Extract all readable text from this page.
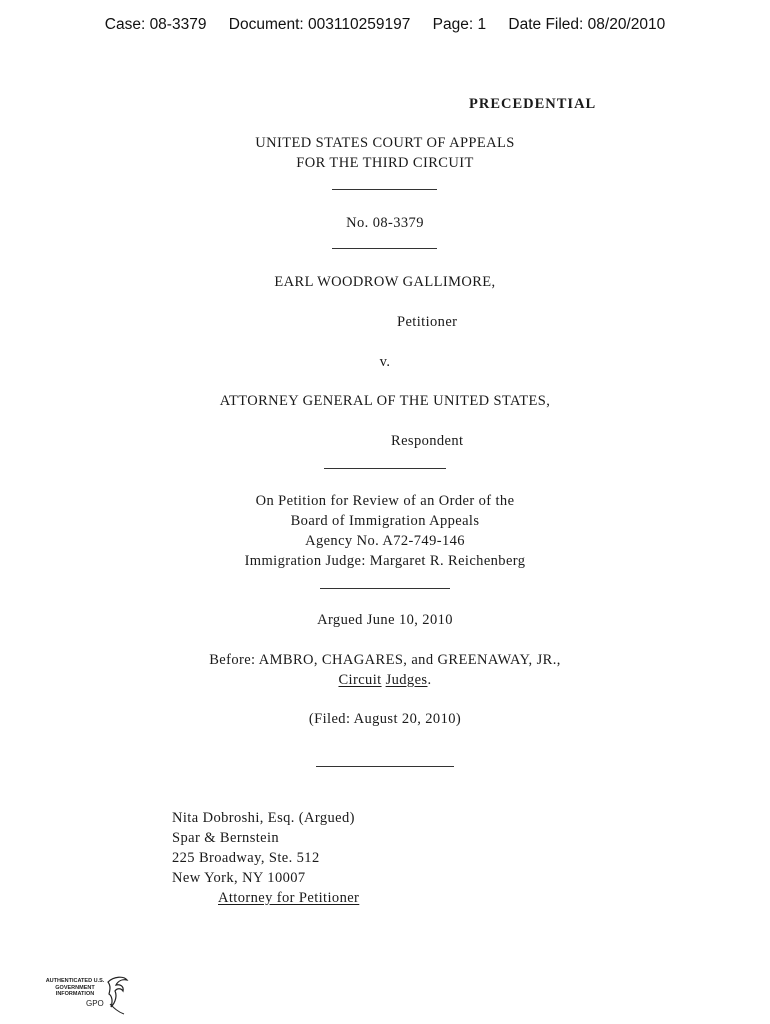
Case: 08-3379 Document: 003110259197 Page: 1 Date Filed: 08/20/2010
PRECEDENTIAL
UNITED STATES COURT OF APPEALS
FOR THE THIRD CIRCUIT
No. 08-3379
EARL WOODROW GALLIMORE,
Petitioner
v.
ATTORNEY GENERAL OF THE UNITED STATES,
Respondent
On Petition for Review of an Order of the
Board of Immigration Appeals
Agency No. A72-749-146
Immigration Judge: Margaret R. Reichenberg
Argued June 10, 2010
Before: AMBRO, CHAGARES, and GREENAWAY, JR.,
Circuit Judges.
(Filed: August 20, 2010)
Nita Dobroshi, Esq. (Argued)
Spar & Bernstein
225 Broadway, Ste. 512
New York, NY 10007
Attorney for Petitioner
AUTHENTICATED U.S. GOVERNMENT INFORMATION
GPO
